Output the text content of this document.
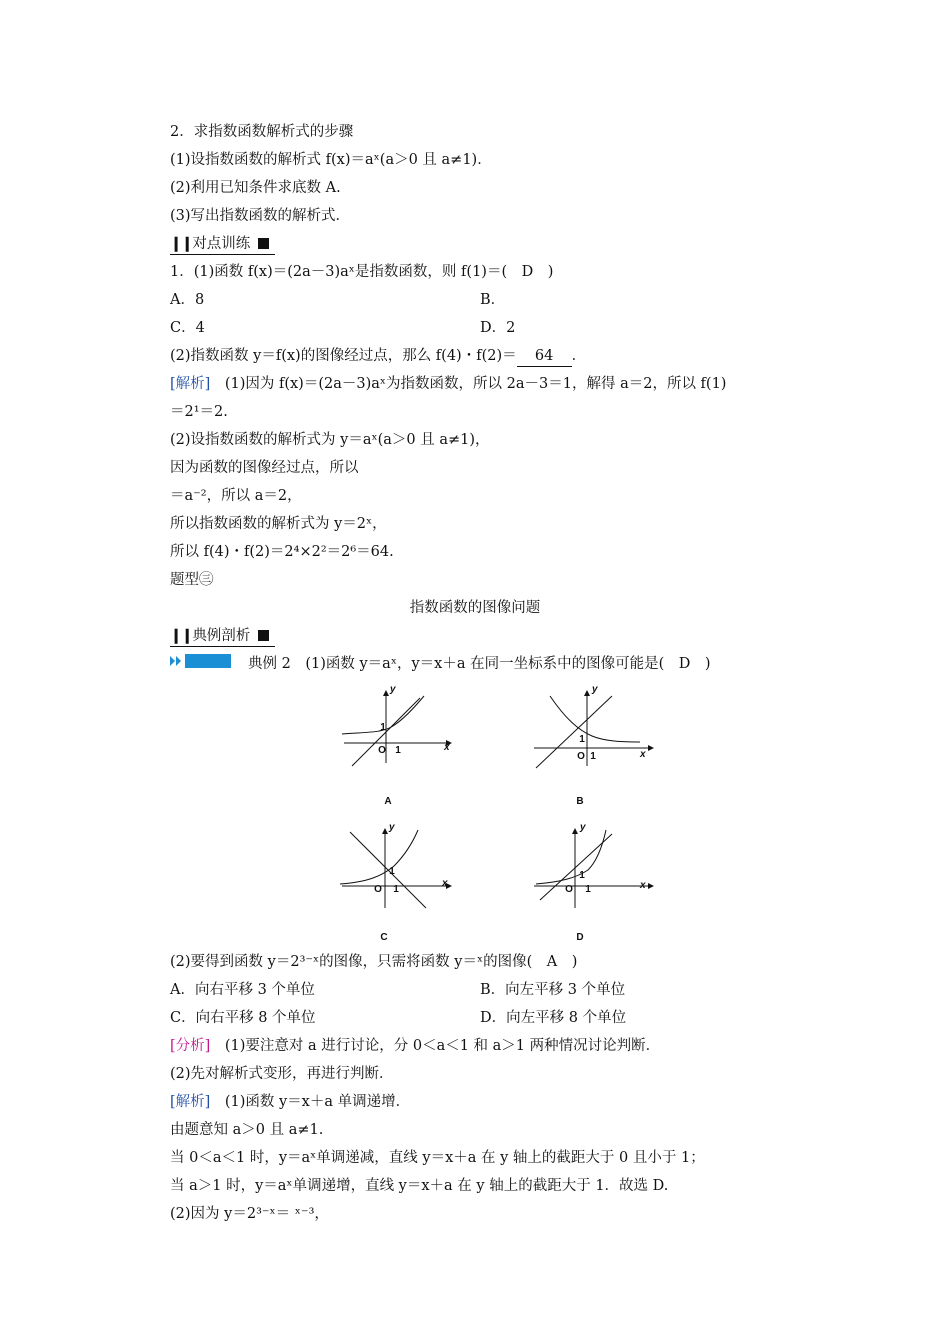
2．求指数函数解析式的步骤
(1)设指数函数的解析式 f(x)＝aˣ(a＞0 且 a≠1)．
(2)利用已知条件求底数 A.
(3)写出指数函数的解析式．
❙❙对点训练
1．(1)函数 f(x)＝(2a－3)aˣ是指数函数，则 f(1)＝(　D　)
A．8	B．
C．4	D．2
(2)指数函数 y＝f(x)的图像经过点，那么 f(4)・f(2)＝ 64 ．
[解析]　(1)因为 f(x)＝(2a－3)aˣ为指数函数，所以 2a－3＝1，解得 a＝2，所以 f(1)
＝2¹＝2.
(2)设指数函数的解析式为 y＝aˣ(a＞0 且 a≠1)，
因为函数的图像经过点，所以
＝a⁻²，所以 a＝2，
所以指数函数的解析式为 y＝2ˣ，
所以 f(4)・f(2)＝2⁴×2²＝2⁶＝64.
题型㊂
指数函数的图像问题
❙❙典例剖析
典例 2　(1)函数 y＝aˣ，y＝x＋a 在同一坐标系中的图像可能是(　D　)
y
x
O
1
1
A
y
x
O
1
1
B
y
x
O
1
1
C
y
x
O
1
1
D
(2)要得到函数 y＝2³⁻ˣ的图像，只需将函数 y＝ˣ的图像(　A　)
A．向右平移 3 个单位	B．向左平移 3 个单位
C．向右平移 8 个单位	D．向左平移 8 个单位
[分析]　(1)要注意对 a 进行讨论，分 0＜a＜1 和 a＞1 两种情况讨论判断．
(2)先对解析式变形，再进行判断．
[解析]　(1)函数 y＝x＋a 单调递增．
由题意知 a＞0 且 a≠1.
当 0＜a＜1 时，y＝aˣ单调递减，直线 y＝x＋a 在 y 轴上的截距大于 0 且小于 1；
当 a＞1 时，y＝aˣ单调递增，直线 y＝x＋a 在 y 轴上的截距大于 1．故选 D.
(2)因为 y＝2³⁻ˣ＝ ˣ⁻³，
